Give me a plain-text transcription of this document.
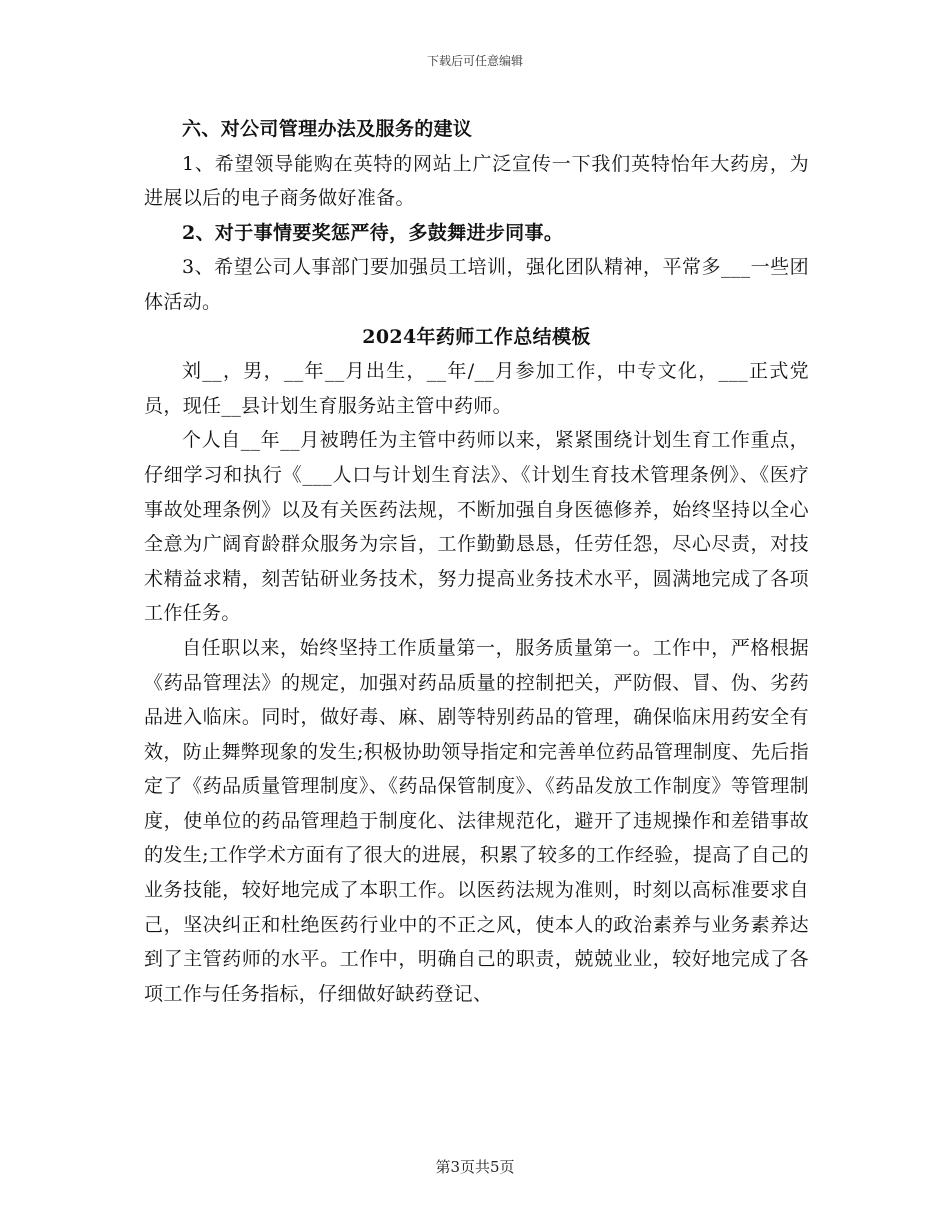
下载后可任意编辑

六、对公司管理办法及服务的建议

1、希望领导能购在英特的网站上广泛宣传一下我们英特怡年大药房，为进展以后的电子商务做好准备。

2、对于事情要奖惩严待，多鼓舞进步同事。

3、希望公司人事部门要加强员工培训，强化团队精神，平常多___一些团体活动。

2024年药师工作总结模板

刘__，男，__年__月出生，__年/__月参加工作，中专文化，___正式党员，现任__县计划生育服务站主管中药师。

个人自__年__月被聘任为主管中药师以来，紧紧围绕计划生育工作重点，仔细学习和执行《___人口与计划生育法》、《计划生育技术管理条例》、《医疗事故处理条例》以及有关医药法规，不断加强自身医德修养，始终坚持以全心全意为广阔育龄群众服务为宗旨，工作勤勤恳恳，任劳任怨，尽心尽责，对技术精益求精，刻苦钻研业务技术，努力提高业务技术水平，圆满地完成了各项工作任务。

自任职以来，始终坚持工作质量第一，服务质量第一。工作中，严格根据《药品管理法》的规定，加强对药品质量的控制把关，严防假、冒、伪、劣药品进入临床。同时，做好毒、麻、剧等特别药品的管理，确保临床用药安全有效，防止舞弊现象的发生;积极协助领导指定和完善单位药品管理制度、先后指定了《药品质量管理制度》、《药品保管制度》、《药品发放工作制度》等管理制度，使单位的药品管理趋于制度化、法律规范化，避开了违规操作和差错事故的发生;工作学术方面有了很大的进展，积累了较多的工作经验，提高了自己的业务技能，较好地完成了本职工作。以医药法规为准则，时刻以高标准要求自己，坚决纠正和杜绝医药行业中的不正之风，使本人的政治素养与业务素养达到了主管药师的水平。工作中，明确自己的职责，兢兢业业，较好地完成了各项工作与任务指标，仔细做好缺药登记、

第3页共5页
